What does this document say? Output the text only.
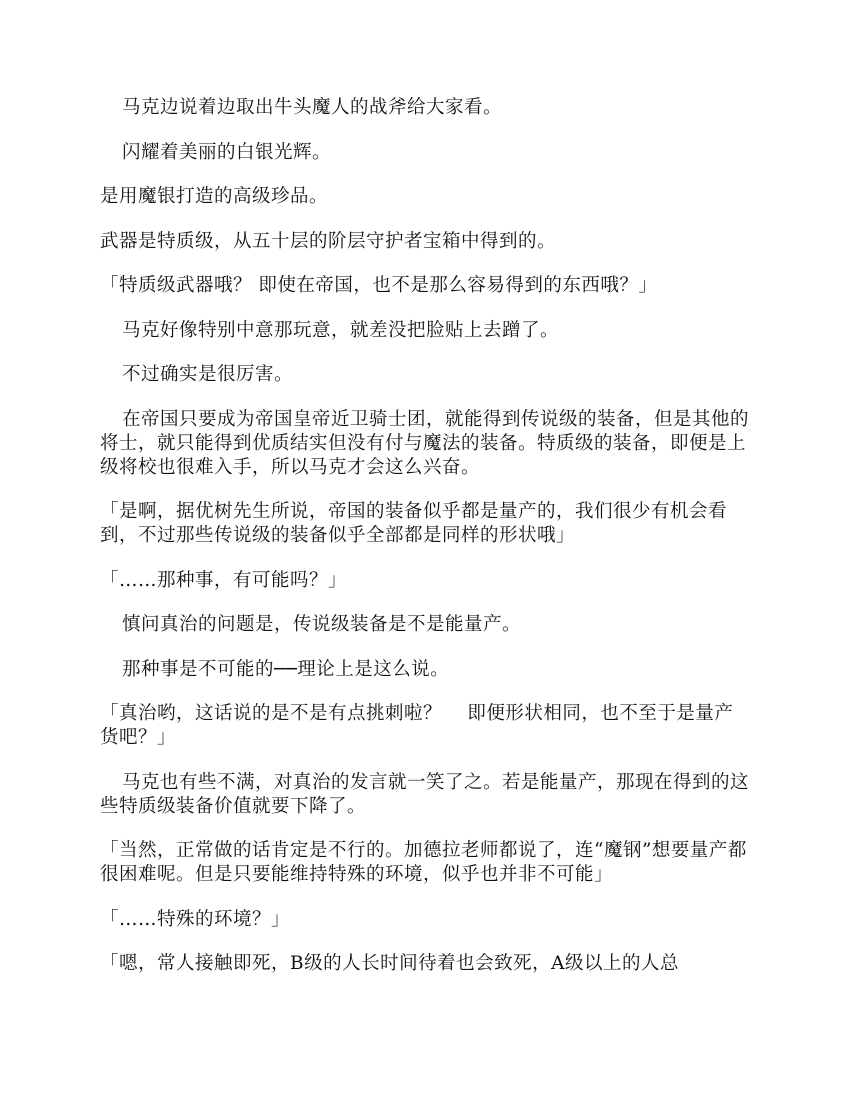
马克边说着边取出牛头魔人的战斧给大家看。

闪耀着美丽的白银光辉。

是用魔银打造的高级珍品。

武器是特质级，从五十层的阶层守护者宝箱中得到的。

「特质级武器哦？ 即使在帝国，也不是那么容易得到的东西哦？」

马克好像特别中意那玩意，就差没把脸贴上去蹭了。

不过确实是很厉害。

在帝国只要成为帝国皇帝近卫骑士团，就能得到传说级的装备，但是其他的将士，就只能得到优质结实但没有付与魔法的装备。特质级的装备，即便是上级将校也很难入手，所以马克才会这么兴奋。

「是啊，据优树先生所说，帝国的装备似乎都是量产的，我们很少有机会看到，不过那些传说级的装备似乎全部都是同样的形状哦」

「……那种事，有可能吗？」

慎问真治的问题是，传说级装备是不是能量产。

那种事是不可能的──理论上是这么说。

「真治哟，这话说的是不是有点挑刺啦？　 即便形状相同，也不至于是量产货吧？」

马克也有些不满，对真治的发言就一笑了之。若是能量产，那现在得到的这些特质级装备价值就要下降了。

「当然，正常做的话肯定是不行的。加德拉老师都说了，连“魔钢”想要量产都很困难呢。但是只要能维持特殊的环境，似乎也并非不可能」

「……特殊的环境？」

「嗯，常人接触即死，B级的人长时间待着也会致死，A级以上的人总
